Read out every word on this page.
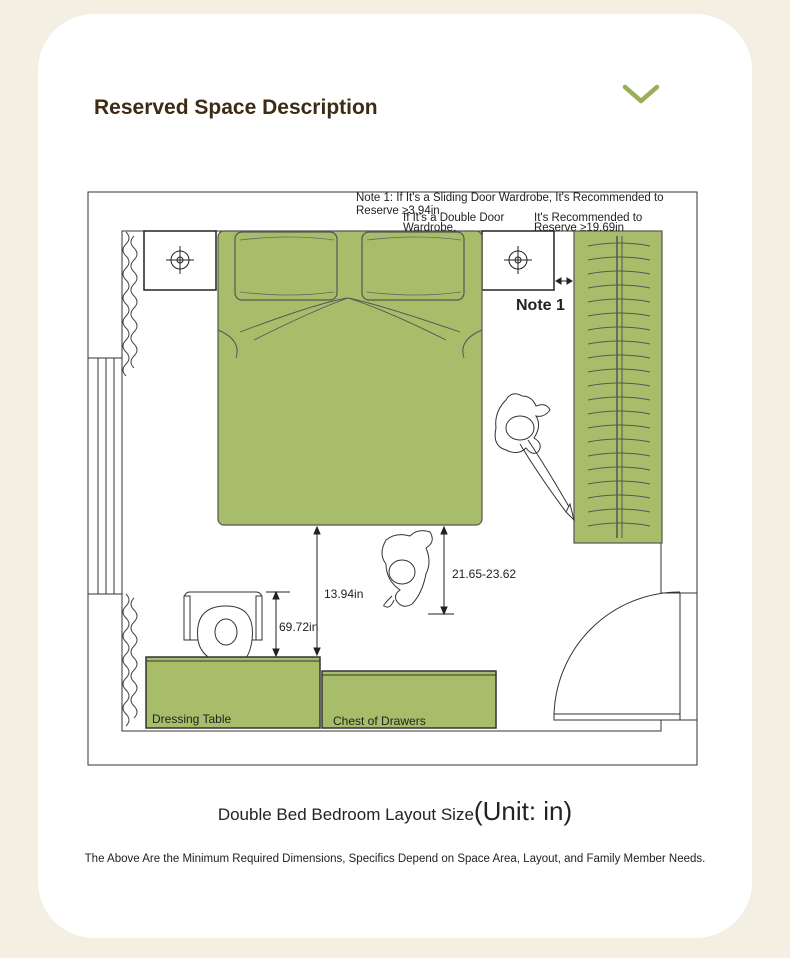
Reserved Space Description
Note 1: If It's a Sliding Door Wardrobe, It's Recommended to
Reserve ≥3.94in
If It's a Double Door
Wardrobe,
It's Recommended to
Reserve ≥19.69in
Note 1
13.94in
69.72in
21.65-23.62
Dressing Table	Chest of Drawers
Double Bed Bedroom Layout Size(Unit: in)
The Above Are the Minimum Required Dimensions, Specifics Depend on Space Area, Layout, and Family Member Needs.
